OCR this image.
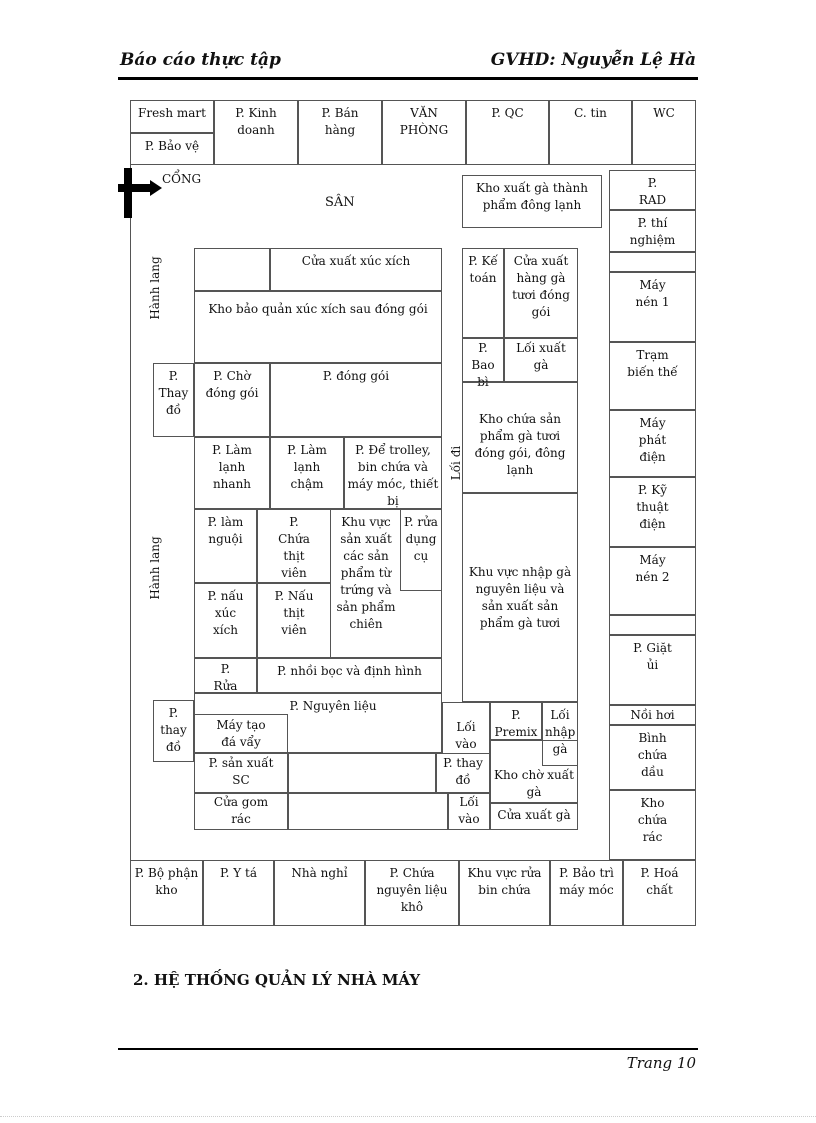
Báo cáo thực tập	GVHD: Nguyễn Lệ Hà
Fresh mart
P. Bảo vệ
P. Kinh doanh
P. Bán hàng
VĂN PHÒNG
P. QC	C. tin	WC
CỔNG
SÂN
Kho xuất gà thành phẩm đông lạnh
P. RAD
P. thí nghiệm
Máy nén 1
Trạm biến thế
Máy phát điện
P. Kỹ thuật điện
Máy nén 2
P. Giặt ủi
Nồi hơi
Bình chứa dầu
Kho chứa rác
Hành lang
Hành lang
Lối đi
Cửa xuất xúc xích
Kho bảo quản xúc xích sau đóng gói
P. Thay đồ
P. Chờ đóng gói
P. đóng gói
P. Làm lạnh nhanh
P. Làm lạnh chậm
P. Để trolley, bin chứa và máy móc, thiết bị
P. làm nguội
P. Chứa thịt viên
Khu vực sản xuất các sản phẩm từ trứng và sản phẩm chiên
P. rửa dụng cụ
P. nấu xúc xích
P. Nấu thịt viên
P. Rửa
P. nhồi bọc và định hình
P. Kế toán
Cửa xuất hàng gà tươi đóng gói
P. Bao bì
Lối xuất gà
Kho chứa sản phẩm gà tươi đóng gói, đông lạnh
Khu vực nhập gà nguyên liệu và sản xuất sản phẩm gà tươi
P. thay đồ
P. Nguyên liệu
Máy tạo đá vẩy
Lối vào
P. Premix
Lối nhập gà
P. sản xuất SC
P. thay đồ	Kho chờ xuất gà
Cửa gom rác
Lối vào	Cửa xuất gà
P. Bộ phận kho
P. Y tá	Nhà nghỉ	P. Chứa nguyên liệu khô
Khu vực rửa bin chứa
P. Bảo trì máy móc
P. Hoá chất
2. HỆ THỐNG QUẢN LÝ NHÀ MÁY
Trang 10
